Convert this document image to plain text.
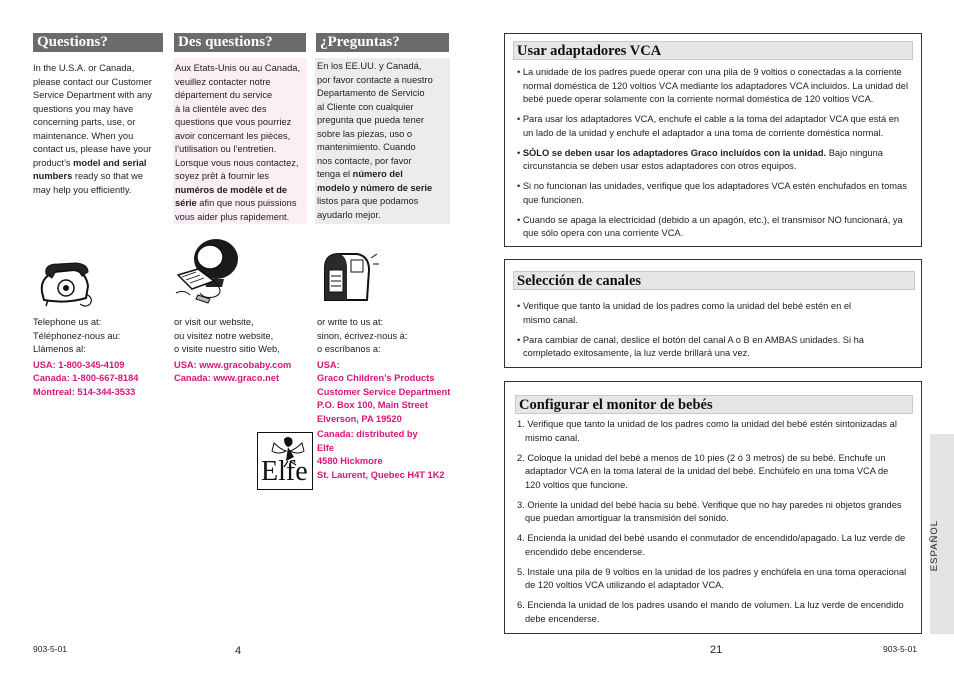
Questions?	Des questions?	¿Preguntas?
In the U.S.A. or Canada,
please contact our Customer
Service Department with any
questions you may have
concerning parts, use, or
maintenance. When you
contact us, please have your
product’s model and serial
numbers ready so that we
may help you efficiently.
Aux Etats-Unis ou au Canada,
veuillez contacter notre
département du service
à la clientèle avec des
questions que vous pourriez
avoir concernant les pièces,
l’utilisation ou l’entretien.
Lorsque vous nous contactez,
soyez prêt à fournir les
numéros de modèle et de
série afin que nous puissions
vous aider plus rapidement.
En los EE.UU. y Canadá,
por favor contacte a nuestro
Departamento de Servicio
al Cliente con cualquier
pregunta que pueda tener
sobre las piezas, uso o
mantenimiento. Cuando
nos contacte, por favor
tenga el número del
modelo y número de serie
listos para que podamos
ayudarlo mejor.
Telephone us at:
Téléphonez-nous au:
Llámenos al:
USA: 1-800-345-4109
Canada: 1-800-667-8184
Montreal: 514-344-3533
or visit our website,
ou visitez notre website,
o visite nuestro sitio Web,
USA: www.gracobaby.com
Canada: www.graco.net
or write to us at:
sinon, écrivez-nous à:
o escríbanos a:
USA:
Graco Children’s Products
Customer Service Department
P.O. Box 100, Main Street
Elverson, PA 19520
Canada: distributed by
Elfe
4580 Hickmore
St. Laurent, Quebec H4T 1K2
Elfe
903-5-01	4
Usar adaptadores VCA
• La unidade de los padres puede operar con una pila de 9 voltios o conectadas a la corriente
normal doméstica de 120 voltios VCA mediante los adaptadores VCA incluidos. La unidad del
bebé puede operar solamente con la corriente normal doméstica de 120 voltios VCA.
• Para usar los adaptadores VCA, enchufe el cable a la toma del adaptador VCA que está en
un lado de la unidad y enchufe el adaptador a una toma de corriente doméstica normal.
• SÓLO se deben usar los adaptadores Graco incluídos con la unidad. Bajo ninguna
circunstancia se deben usar estos adaptadores con otros equipos.
• Si no funcionan las unidades, verifique que los adaptadores VCA estén enchufados en tomas
que funcionen.
• Cuando se apaga la electricidad (debido a un apagón, etc.), el transmisor NO funcionará, ya
que sólo opera con una corriente VCA.
Selección de canales
• Verifique que tanto la unidad de los padres como la unidad del bebé estén en el
mismo canal.
• Para cambiar de canal, deslice el botón del canal A o B en AMBAS unidades. Si ha
completado exitosamente, la luz verde brillará una vez.
Configurar el monitor de bebés
1. Verifique que tanto la unidad de los padres como la unidad del bebé estén sintonizadas al
mismo canal.
2. Coloque la unidad del bebé a menos de 10 pies (2 ó 3 metros) de su bebé. Enchufe un
adaptador VCA en la toma lateral de la unidad del bebé. Enchúfelo en una toma VCA de
120 voltios que funcione.
3. Oriente la unidad del bebé hacia su bebé. Verifique que no hay paredes ni objetos grandes
que puedan amortiguar la transmisión del sonido.
4. Encienda la unidad del bebé usando el conmutador de encendido/apagado. La luz verde de
encendido debe encenderse.
5. Instale una pila de 9 voltios en la unidad de los padres y enchúfela en una toma operacional
de 120 voltios VCA utilizando el adaptador VCA.
6. Encienda la unidad de los padres usando el mando de volumen. La luz verde de encendido
debe encenderse.
ESPAÑOL
21	903-5-01
